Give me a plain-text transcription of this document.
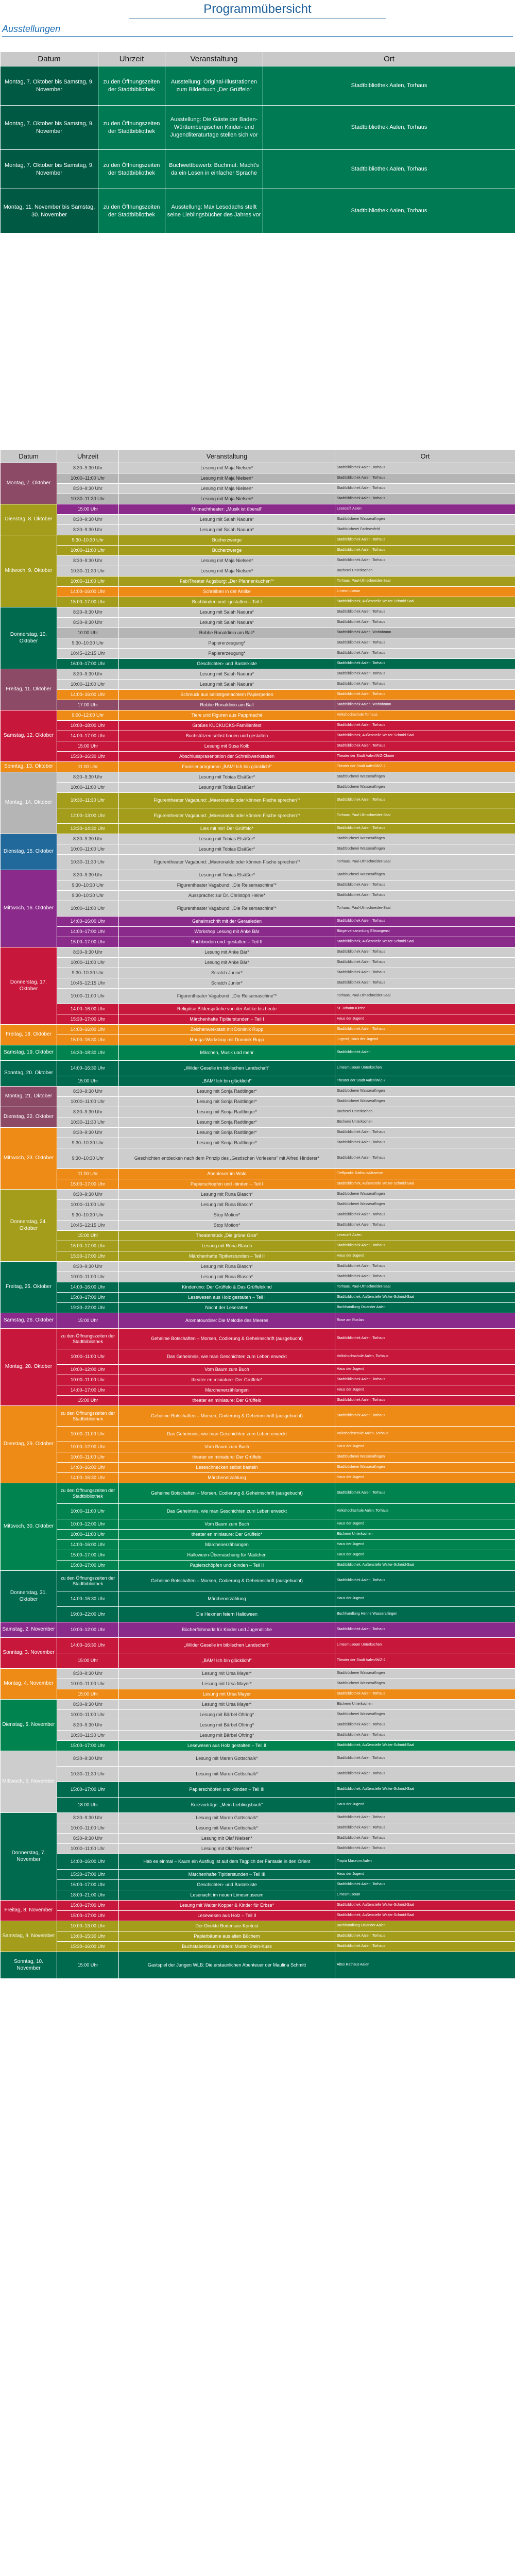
Programmübersicht
Ausstellungen
Datum	Uhrzeit	Veranstaltung	Ort
Montag, 7. Oktober bis Samstag, 9. November	zu den Öffnungszeiten der Stadtbibliothek	Ausstellung: Original-Illustrationen zum Bilderbuch „Der Grüffelo“	Stadtbibliothek Aalen, Torhaus
Montag, 7. Oktober bis Samstag, 9. November	zu den Öffnungszeiten der Stadtbibliothek	Ausstellung: Die Gäste der Baden-Württembergischen Kinder- und Jugendliteraturtage stellen sich vor	Stadtbibliothek Aalen, Torhaus
Montag, 7. Oktober bis Samstag, 9. November	zu den Öffnungszeiten der Stadtbibliothek	Buchwettbewerb: Buchmut: Macht's da ein Lesen in einfacher Sprache	Stadtbibliothek Aalen, Torhaus
Montag, 11. November bis Samstag, 30. November	zu den Öffnungszeiten der Stadtbibliothek	Ausstellung: Max Lesedachs stellt seine Lieblingsbücher des Jahres vor	Stadtbibliothek Aalen, Torhaus
Datum	Uhrzeit	Veranstaltung	Ort
Montag, 7. Oktober	8:30–9:30 Uhr	Lesung mit Maja Nielsen*	Stadtbibliothek Aalen, Torhaus
	10:00–11:00 Uhr	Lesung mit Maja Nielsen*	Stadtbibliothek Aalen, Torhaus
	8:30–9:30 Uhr	Lesung mit Maja Nielsen*	Stadtbibliothek Aalen, Torhaus
	10:30–11:30 Uhr	Lesung mit Maja Nielsen*	Stadtbibliothek Aalen, Torhaus
Dienstag, 8. Oktober	15:00 Uhr	Mitmachtheater: „Musik ist überall“	Lesecafé Aalen
	8:30–9:30 Uhr	Lesung mit Salah Naoura*	Stadtbücherei Wasseralfingen
	8:30–9:30 Uhr	Lesung mit Salah Naoura*	Stadtbücherei Fachsenfeld
Mittwoch, 9. Oktober	9:30–10:30 Uhr	Bücherzwerge	Stadtbibliothek Aalen, Torhaus
	10:00–11:00 Uhr	Bücherzwerge	Stadtbibliothek Aalen, Torhaus
	8:30–9:30 Uhr	Lesung mit Maja Nielsen*	Stadtbibliothek Aalen, Torhaus
	10:30–11:30 Uhr	Lesung mit Maja Nielsen*	Bücherei Unterkochen
	10:00–11:00 Uhr	FabiTheater Augsburg: „Der Pfannenkuchen“*	Torhaus, Paul-Ulmschneider-Saal
	14:00–16:00 Uhr	Schreiben in der Antike	Limesmuseum
	15:00–17:00 Uhr	Buchbinden und -gestalten – Teil I	Stadtbibliothek, Außenstelle Walter-Schmid-Saal
Donnerstag, 10. Oktober	8:30–9:30 Uhr	Lesung mit Salah Naoura*	Stadtbibliothek Aalen, Torhaus
	8:30–9:30 Uhr	Lesung mit Salah Naoura*	Stadtbibliothek Aalen, Torhaus
	10:00 Uhr	Robbe Ronaldinio am Ball*	Stadtbibliothek Aalen, Wohnbrunn
	9:30–10:30 Uhr	Papiererzeugung*	Stadtbibliothek Aalen, Torhaus
	10:45–12:15 Uhr	Papiererzeugung*	Stadtbibliothek Aalen, Torhaus
	16:00–17:00 Uhr	Geschichten- und Bastelkiste	Stadtbibliothek Aalen, Torhaus
Freitag, 11. Oktober	8:30–9:30 Uhr	Lesung mit Salah Naoura*	Stadtbibliothek Aalen, Torhaus
	10:00–11:00 Uhr	Lesung mit Salah Naoura*	Stadtbibliothek Aalen, Torhaus
	14:00–16:00 Uhr	Schmuck aus selbstgemachtem Papierperlen	Stadtbibliothek Aalen, Torhaus
	17:00 Uhr	Robbe Ronaldinio am Ball	Stadtbibliothek Aalen, Wohnbrunn
Samstag, 12. Oktober	9:00–12:00 Uhr	Tiere und Figuren aus Pappmaché	Volkshochschule Torhaus
	10:00–18:00 Uhr	Großes KUCKUCKS-Familienfest	Stadtbibliothek Aalen, Torhaus
	14:00–17:00 Uhr	Buchstützen selbst bauen und gestalten	Stadtbibliothek, Außenstelle Walter-Schmid-Saal
	15:00 Uhr	Lesung mit Susa Kolb	Stadtbibliothek Aalen, Torhaus
	15:30–16:30 Uhr	Abschlussprasentation der Schreibwerkstätten	Theater der Stadt Aalen/WiZ-Chorie
Sonntag, 13. Oktober	11:00 Uhr	Familienprogramm „BAM! Ich bin glücklich!“	Theater der Stadt Aalen/WiZ-2
Montag, 14. Oktober	8:30–9:30 Uhr	Lesung mit Tobias Elsäßer*	Stadtbücherei Wasseralfingen
	10:00–11:00 Uhr	Lesung mit Tobias Elsäßer*	Stadtbücherei Wasseralfingen
	10:30–11:30 Uhr	Figurentheater Vagabund: „Maeronaldo oder können Fische sprechen“*	Stadtbibliothek Aalen, Torhaus
	12:00–13:00 Uhr	Figurentheater Vagabund: „Maeronaldo oder können Fische sprechen“*	Torhaus, Paul-Ulmschneider-Saal
	13:30–14:30 Uhr	Lies mit mir! Der Grüffelo*	Stadtbibliothek Aalen, Torhaus
Dienstag, 15. Oktober	8:30–9:30 Uhr	Lesung mit Tobias Elsäßer*	Stadtbücherei Wasseralfingen
	10:00–11:00 Uhr	Lesung mit Tobias Elsäßer*	Stadtbücherei Wasseralfingen
	10:30–11:30 Uhr	Figurentheater Vagabund: „Maeronaldo oder können Fische sprechen“*	Torhaus, Paul-Ulmschneider-Saal
Mittwoch, 16. Oktober	8:30–9:30 Uhr	Lesung mit Tobias Elsäßer*	Stadtbücherei Wasseralfingen
	9:30–10:30 Uhr	Figurentheater Vagabund: „Die Reisemaschine“*	Stadtbibliothek Aalen, Torhaus
	9:30–10:30 Uhr	Aussprache: zur Dr. Christoph Heine*	Stadtbibliothek Aalen, Torhaus
	10:00–11:00 Uhr	Figurentheater Vagabund: „Die Reisemaschine“*	Torhaus, Paul-Ulmschneider-Saal
	14:00–16:00 Uhr	Geheimschrift mit der Geraeleden	Stadtbibliothek Aalen, Torhaus
	14:00–17:00 Uhr	Workshop Lesung mit Anke Bär	Bürgerversammlung Ellwangenst
	15:00–17:00 Uhr	Buchbinden und -gestalten – Teil II	Stadtbibliothek, Außenstelle Walter-Schmid-Saal
Donnerstag, 17. Oktober	8:30–9:30 Uhr	Lesung mit Anke Bär*	Stadtbibliothek Aalen, Torhaus
	10:00–11:00 Uhr	Lesung mit Anke Bär*	Stadtbibliothek Aalen, Torhaus
	9:30–10:30 Uhr	Scratch Junior*	Stadtbibliothek Aalen, Torhaus
	10:45–12:15 Uhr	Scratch Junior*	Stadtbibliothek Aalen, Torhaus
	10:00–11:00 Uhr	Figurentheater Vagabund: „Die Reisemaschine“*	Torhaus, Paul-Ulmschneider-Saal
	14:00–16:00 Uhr	Religiöse Bilderspräche von der Antike bis heute	St. Johann-Kirche
	15:30–17:00 Uhr	Märchenhafte Tipitierstunden – Teil I	Haus der Jugend
Freitag, 18. Oktober	14:00–16:00 Uhr	Zeichenwerkstatt mit Dominik Rupp	Stadtbibliothek Aalen, Torhaus
	15:00–16:30 Uhr	Manga-Workshop mit Dominik Rupp	Jugend, Haus der Jugend
Samstag, 19. Oktober	16:30–18:30 Uhr	Märchen, Musik und mehr	Stadtbibliothek Aalen
Sonntag, 20. Oktober	14:00–16:30 Uhr	„Wilder Geselle im biblischen Landschaft“	Limesmuseum Unterkochen
	15:00 Uhr	„BAM! Ich bin glücklich!“	Theater der Stadt Aalen/WiZ-2
Montag, 21. Oktober	8:30–9:30 Uhr	Lesung mit Sonja Radtlinger*	Stadtbücherei Wasseralfingen
	10:00–11:00 Uhr	Lesung mit Sonja Radtlinger*	Stadtbücherei Wasseralfingen
Dienstag, 22. Oktober	8:30–9:30 Uhr	Lesung mit Sonja Radtlinger*	Bücherei Unterkochen
	10:30–11:30 Uhr	Lesung mit Sonja Radtlinger*	Bücherei Unterkochen
Mittwoch, 23. Oktober	8:30–9:30 Uhr	Lesung mit Sonja Radtlinger*	Stadtbibliothek Aalen, Torhaus
	9:30–10:30 Uhr	Lesung mit Sonja Radtlinger*	Stadtbibliothek Aalen, Torhaus
	9:30–10:30 Uhr	Geschichten entdecken nach dem Prinzip des „Gestischen Vorlesens“ mit Alfred Hinderer*	Stadtbibliothek Aalen, Torhaus
	11:00 Uhr	Abenteuer im Wald	Treffpunkt: Rathaus/Museum
	15:00–17:00 Uhr	Papierschöpfen und -binden – Teil I	Stadtbibliothek, Außenstelle Walter-Schmid-Saal
Donnerstag, 24. Oktober	8:30–9:30 Uhr	Lesung mit Rüna Blasch*	Stadtbücherei Wasseralfingen
	10:00–11:00 Uhr	Lesung mit Rüna Blasch*	Stadtbücherei Wasseralfingen
	9:30–10:30 Uhr	Stop Motion*	Stadtbibliothek Aalen, Torhaus
	10:45–12:15 Uhr	Stop Motion*	Stadtbibliothek Aalen, Torhaus
	15:00 Uhr	Theaterstück „Die grüne Gise“	Lesecafé Aalen
	16:00–17:00 Uhr	Lesung mit Rüna Blasch	Stadtbibliothek Aalen, Torhaus
	15:30–17:00 Uhr	Märchenhafte Tipitierstunden – Teil II	Haus der Jugend
Freitag, 25. Oktober	8:30–9:30 Uhr	Lesung mit Rüna Blasch*	Stadtbibliothek Aalen, Torhaus
	10:00–11:00 Uhr	Lesung mit Rüna Blasch*	Stadtbibliothek Aalen, Torhaus
	14:00–16:00 Uhr	Kinderkino: Der Grüffelo & Das Grüffelokind	Torhaus, Paul-Ulmschneider-Saal
	15:00–17:00 Uhr	Lesewesen aus Holz gestalten – Teil I	Stadtbibliothek, Außenstelle Walter-Schmid-Saal
	19:30–22:00 Uhr	Nacht der Leseratten	Buchhandlung Osiander Aalen
Samstag, 26. Oktober	15:00 Uhr	Aromatourdine: Die Melodie des Meeres	Rose am Rosfan
Montag, 28. Oktober	zu den Öffnungszeiten der Stadtbibliothek	Geheime Botschaften – Morsen, Codierung & Geheimschrift (ausgebucht)	Stadtbibliothek Aalen, Torhaus
	10:00–11:00 Uhr	Das Geheimnis, wie man Geschichten zum Leben erweckt	Volkshochschule Aalen, Torhaus
	10:00–12:00 Uhr	Vom Baum zum Buch	Haus der Jugend
	10:00–11:00 Uhr	theater en miniature: Der Grüffelo*	Stadtbibliothek Aalen, Torhaus
	14:00–17:00 Uhr	Märchenerzählungen	Haus der Jugend
	15:00 Uhr	theater en miniature: Der Grüffelo	Stadtbibliothek Aalen, Torhaus
Dienstag, 29. Oktober	zu den Öffnungszeiten der Stadtbibliothek	Geheime Botschaften – Morsen, Codierung & Geheimschrift (ausgebucht)	Stadtbibliothek Aalen, Torhaus
	10:00–11:00 Uhr	Das Geheimnis, wie man Geschichten zum Leben erweckt	Volkshochschule Aalen, Torhaus
	10:00–12:00 Uhr	Vom Baum zum Buch	Haus der Jugend
	10:00–11:00 Uhr	theater en miniature: Der Grüffelo	Stadtbücherei Wasseralfingen
	14:00–16:00 Uhr	Leseschnecken selbst basteln	Stadtbücherei Wasseralfingen
	14:00–16:30 Uhr	Märchenerzählung	Haus der Jugend
Mittwoch, 30. Oktober	zu den Öffnungszeiten der Stadtbibliothek	Geheime Botschaften – Morsen, Codierung & Geheimschrift (ausgebucht)	Stadtbibliothek Aalen, Torhaus
	10:00–11:00 Uhr	Das Geheimnis, wie man Geschichten zum Leben erweckt	Volkshochschule Aalen, Torhaus
	10:00–12:00 Uhr	Vom Baum zum Buch	Haus der Jugend
	10:00–11:00 Uhr	theater en miniature: Der Grüffelo*	Bücherei Unterkochen
	14:00–16:00 Uhr	Märchenerzählungen	Haus der Jugend
	15:00–17:00 Uhr	Halloween-Überraschung für Mädchen	Haus der Jugend
	15:00–17:00 Uhr	Papierschöpfen und -binden – Teil II	Stadtbibliothek, Außenstelle Walter-Schmid-Saal
Donnerstag, 31. Oktober	zu den Öffnungszeiten der Stadtbibliothek	Geheime Botschaften – Morsen, Codierung & Geheimschrift (ausgebucht)	Stadtbibliothek Aalen, Torhaus
	14:00–16:30 Uhr	Märchenerzählung	Haus der Jugend
	19:00–22:00 Uhr	Die Hexmen feiern Halloween	Buchhandlung Henne Wasseralfingen
Samstag, 2. November	10:00–12:00 Uhr	Bücherflohmarkt für Kinder und Jugendliche	Stadtbibliothek Aalen, Torhaus
Sonntag, 3. November	14:00–16:30 Uhr	„Wilder Geselle im biblischen Landschaft“	Limesmuseum Unterkochen
	15:00 Uhr	„BAM! Ich bin glücklich!“	Theater der Stadt Aalen/WiZ-2
Montag, 4. November	8:30–9:30 Uhr	Lesung mit Ursa Mayer*	Stadtbücherei Wasseralfingen
	10:00–11:00 Uhr	Lesung mit Ursa Mayer*	Stadtbücherei Wasseralfingen
	15:00 Uhr	Lesung mit Ursa Mayer	Stadtbibliothek Aalen, Torhaus
Dienstag, 5. November	8:30–9:30 Uhr	Lesung mit Ursa Mayer*	Bücherei Unterkochen
	10:00–11:00 Uhr	Lesung mit Bärbel Oftring*	Stadtbücherei Wasseralfingen
	8:30–9:30 Uhr	Lesung mit Bärbel Oftring*	Stadtbibliothek Aalen, Torhaus
	10:30–11:30 Uhr	Lesung mit Bärbel Oftring*	Stadtbibliothek Aalen, Torhaus
	15:00–17:00 Uhr	Lesewesen aus Holz gestalten – Teil II	Stadtbibliothek, Außenstelle Walter-Schmid-Saal
Mittwoch, 6. November	8:30–9:30 Uhr	Lesung mit Maren Gottschalk*	Stadtbibliothek Aalen, Torhaus
	10:30–11:30 Uhr	Lesung mit Maren Gottschalk*	Stadtbibliothek Aalen, Torhaus
	15:00–17:00 Uhr	Papierschöpfen und -binden – Teil III	Stadtbibliothek, Außenstelle Walter-Schmid-Saal
	18:00 Uhr	Kurzvorträge: „Mein Lieblingsbuch“	Haus der Jugend
Donnerstag, 7. November	8:30–9:30 Uhr	Lesung mit Maren Gottschalk*	Stadtbibliothek Aalen, Torhaus
	10:00–11:00 Uhr	Lesung mit Maren Gottschalk*	Stadtbibliothek Aalen, Torhaus
	8:30–9:30 Uhr	Lesung mit Olaf Nielsen*	Stadtbibliothek Aalen, Torhaus
	10:00–11:00 Uhr	Lesung mit Olaf Nielsen*	Stadtbibliothek Aalen, Torhaus
	14:00–16:00 Uhr	Hab es einmal – Kaum ein Ausflug ist auf dem Tagpich der Fantasie in den Orient	Tropia Museum Aalen
	15:30–17:00 Uhr	Märchenhafte Tipitierstunden – Teil III	Haus der Jugend
	16:00–17:00 Uhr	Geschichten- und Bastelkiste	Stadtbibliothek Aalen, Torhaus
	18:00–21:00 Uhr	Lesenacht im neuen Limesmuseum	Limesmuseum
Freitag, 8. November	15:00–17:00 Uhr	Lesung mit Walter Kopper & Kinder für Erbse*	Stadtbibliothek, Außenstelle Walter-Schmid-Saal
	15:00–17:00 Uhr	Lesewesen aus Holz – Teil II	Stadtbibliothek, Außenstelle Walter-Schmid-Saal
Samstag, 9. November	10:00–13:00 Uhr	Der Direkte Bodensee-Kontest	Buchhandlung Osiander Aalen
	13:00–15:30 Uhr	Papierbäume aus alten Büchern	Stadtbibliothek Aalen, Torhaus
	15:30–16:00 Uhr	Buchstabenbaum hätten: Mutter-Stein-Kuss	Stadtbibliothek Aalen, Torhaus
Sonntag, 10. November	15:00 Uhr	Gastspiel der Jungen WLB: Die erstaunlichen Abenteuer der Maulina Schmitt	Altes Rathaus Aalen
